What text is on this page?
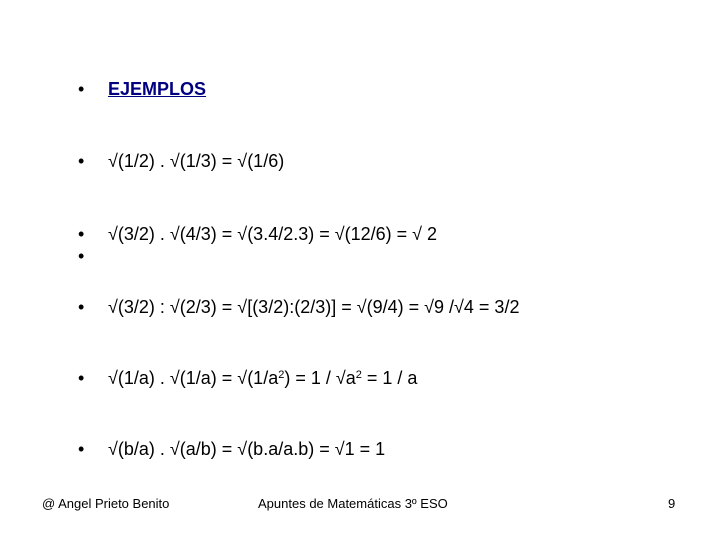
• EJEMPLOS

• √(1/2) . √(1/3) = √(1/6)

• √(3/2) . √(4/3) = √(3.4/2.3) = √(12/6) = √ 2

•

• √(3/2) : √(2/3) = √[(3/2):(2/3)] = √(9/4) = √9 /√4 = 3/2

• √(1/a) . $√(1/a) = √(1/a^2) = 1 / √a^2 = 1 / a$

• √(b/a) . √(a/b) = √(b.a/a.b) = √1 = 1

@ Angel Prieto Benito	Apuntes de Matemáticas 3º ESO	9
